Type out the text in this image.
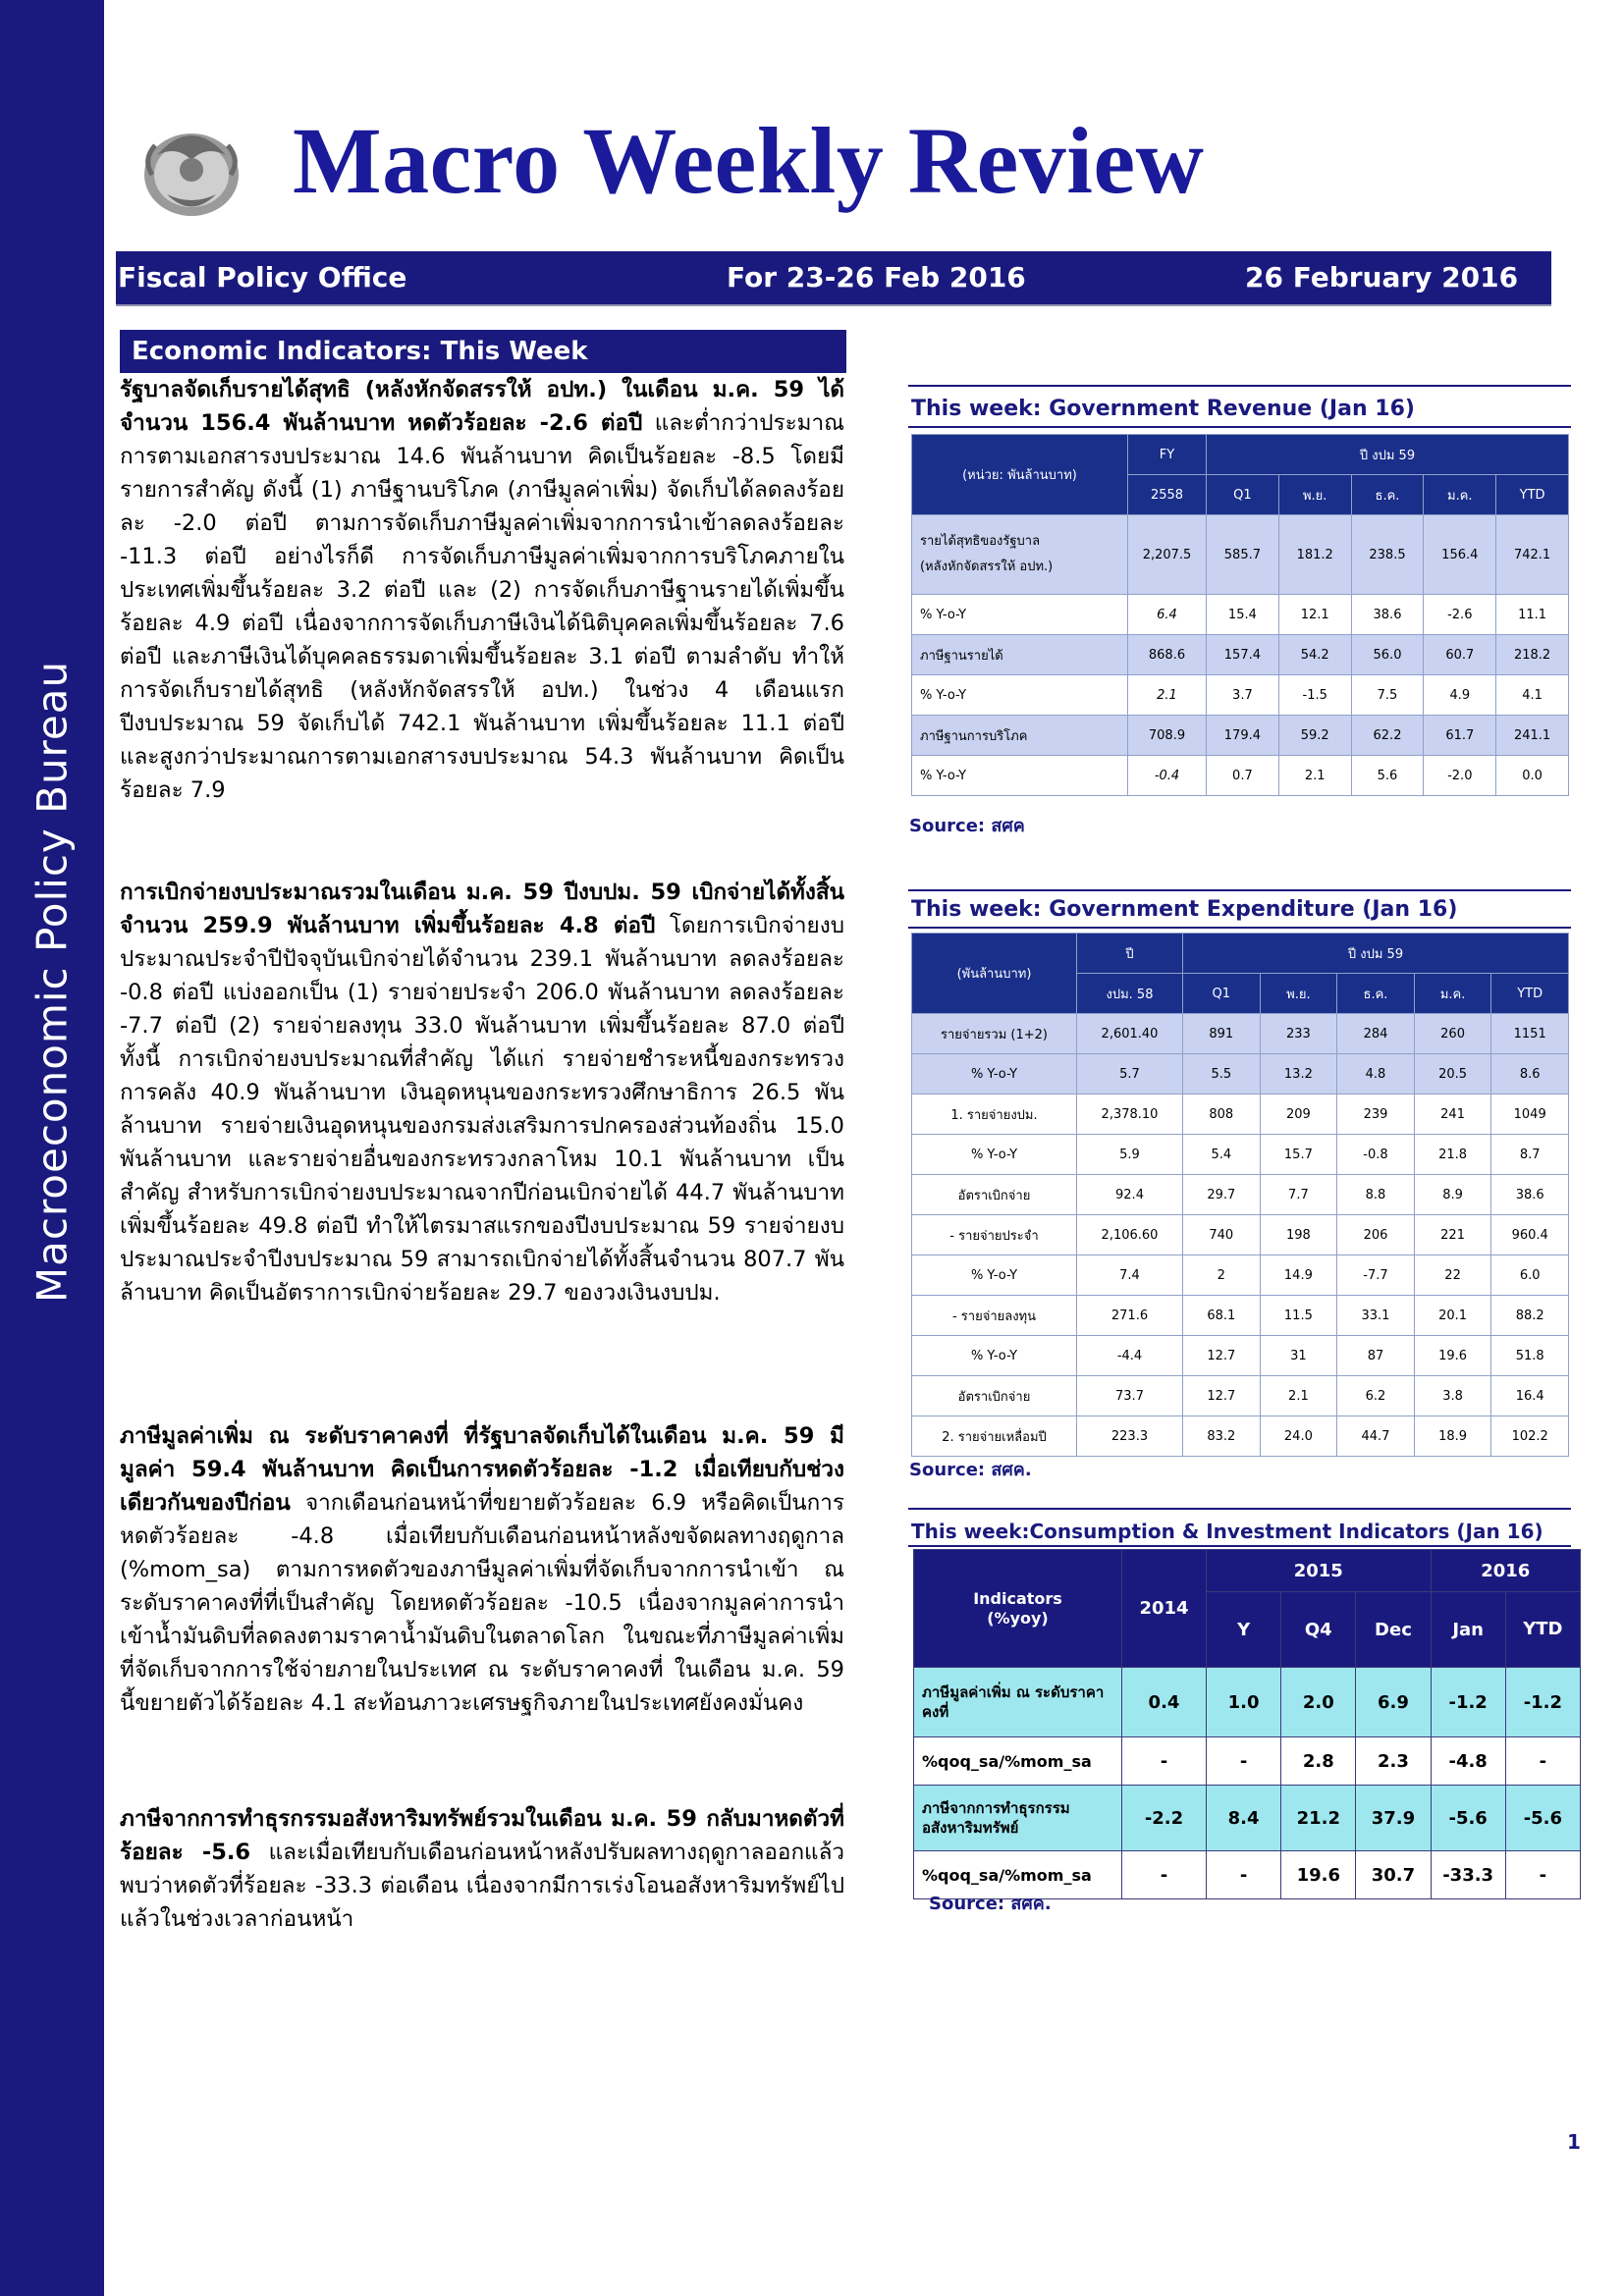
Macroeconomic Policy Bureau
Macro Weekly Review
Fiscal Policy Office	For 23-26 Feb 2016	26 February 2016
Economic Indicators: This Week

รัฐบาลจัดเก็บรายได้สุทธิ (หลังหักจัดสรรให้ อปท.) ในเดือน ม.ค. 59 ได้จำนวน 156.4 พันล้านบาท หดตัวร้อยละ -2.6 ต่อปี และต่ำกว่าประมาณการตามเอกสารงบประมาณ 14.6 พันล้านบาท คิดเป็นร้อยละ -8.5 โดยมีรายการสำคัญ ดังนี้ (1) ภาษีฐานบริโภค (ภาษีมูลค่าเพิ่ม) จัดเก็บได้ลดลงร้อยละ -2.0 ต่อปี ตามการจัดเก็บภาษีมูลค่าเพิ่มจากการนำเข้าลดลงร้อยละ -11.3 ต่อปี อย่างไรก็ดี การจัดเก็บภาษีมูลค่าเพิ่มจากการบริโภคภายในประเทศเพิ่มขึ้นร้อยละ 3.2 ต่อปี และ (2) การจัดเก็บภาษีฐานรายได้เพิ่มขึ้นร้อยละ 4.9 ต่อปี เนื่องจากการจัดเก็บภาษีเงินได้นิติบุคคลเพิ่มขึ้นร้อยละ 7.6 ต่อปี และภาษีเงินได้บุคคลธรรมดาเพิ่มขึ้นร้อยละ 3.1 ต่อปี ตามลำดับ ทำให้การจัดเก็บรายได้สุทธิ (หลังหักจัดสรรให้ อปท.) ในช่วง 4 เดือนแรกปีงบประมาณ 59 จัดเก็บได้ 742.1 พันล้านบาท เพิ่มขึ้นร้อยละ 11.1 ต่อปี และสูงกว่าประมาณการตามเอกสารงบประมาณ 54.3 พันล้านบาท คิดเป็นร้อยละ 7.9

การเบิกจ่ายงบประมาณรวมในเดือน ม.ค. 59 ปีงบปม. 59 เบิกจ่ายได้ทั้งสิ้นจำนวน 259.9 พันล้านบาท เพิ่มขึ้นร้อยละ 4.8 ต่อปี โดยการเบิกจ่ายงบประมาณประจำปีปัจจุบันเบิกจ่ายได้จำนวน 239.1 พันล้านบาท ลดลงร้อยละ -0.8 ต่อปี แบ่งออกเป็น (1) รายจ่ายประจำ 206.0 พันล้านบาท ลดลงร้อยละ -7.7 ต่อปี (2) รายจ่ายลงทุน 33.0 พันล้านบาท เพิ่มขึ้นร้อยละ 87.0 ต่อปี ทั้งนี้ การเบิกจ่ายงบประมาณที่สำคัญ ได้แก่ รายจ่ายชำระหนี้ของกระทรวงการคลัง 40.9 พันล้านบาท เงินอุดหนุนของกระทรวงศึกษาธิการ 26.5 พันล้านบาท รายจ่ายเงินอุดหนุนของกรมส่งเสริมการปกครองส่วนท้องถิ่น 15.0 พันล้านบาท และรายจ่ายอื่นของกระทรวงกลาโหม 10.1 พันล้านบาท เป็นสำคัญ สำหรับการเบิกจ่ายงบประมาณจากปีก่อนเบิกจ่ายได้ 44.7 พันล้านบาท เพิ่มขึ้นร้อยละ 49.8 ต่อปี ทำให้ไตรมาสแรกของปีงบประมาณ 59 รายจ่ายงบประมาณประจำปีงบประมาณ 59 สามารถเบิกจ่ายได้ทั้งสิ้นจำนวน 807.7 พันล้านบาท คิดเป็นอัตราการเบิกจ่ายร้อยละ 29.7 ของวงเงินงบปม.

ภาษีมูลค่าเพิ่ม ณ ระดับราคาคงที่ ที่รัฐบาลจัดเก็บได้ในเดือน ม.ค. 59 มีมูลค่า 59.4 พันล้านบาท คิดเป็นการหดตัวร้อยละ -1.2 เมื่อเทียบกับช่วงเดียวกันของปีก่อน จากเดือนก่อนหน้าที่ขยายตัวร้อยละ 6.9 หรือคิดเป็นการหดตัวร้อยละ -4.8 เมื่อเทียบกับเดือนก่อนหน้าหลังขจัดผลทางฤดูกาล (%mom_sa) ตามการหดตัวของภาษีมูลค่าเพิ่มที่จัดเก็บจากการนำเข้า ณ ระดับราคาคงที่ที่เป็นสำคัญ โดยหดตัวร้อยละ -10.5 เนื่องจากมูลค่าการนำเข้าน้ำมันดิบที่ลดลงตามราคาน้ำมันดิบในตลาดโลก ในขณะที่ภาษีมูลค่าเพิ่มที่จัดเก็บจากการใช้จ่ายภายในประเทศ ณ ระดับราคาคงที่ ในเดือน ม.ค. 59 นี้ขยายตัวได้ร้อยละ 4.1 สะท้อนภาวะเศรษฐกิจภายในประเทศยังคงมั่นคง

ภาษีจากการทำธุรกรรมอสังหาริมทรัพย์รวมในเดือน ม.ค. 59 กลับมาหดตัวที่ร้อยละ -5.6 และเมื่อเทียบกับเดือนก่อนหน้าหลังปรับผลทางฤดูกาลออกแล้ว พบว่าหดตัวที่ร้อยละ -33.3 ต่อเดือน เนื่องจากมีการเร่งโอนอสังหาริมทรัพย์ไปแล้วในช่วงเวลาก่อนหน้า

This week: Government Revenue (Jan 16)
(หน่วย: พันล้านบาท)	FY	ปี งปม 59				
	2558	Q1	พ.ย.	ธ.ค.	ม.ค.	YTD
รายได้สุทธิของรัฐบาล
(หลังหักจัดสรรให้ อปท.)	2,207.5	585.7	181.2	238.5	156.4	742.1
% Y-o-Y	6.4	15.4	12.1	38.6	-2.6	11.1
ภาษีฐานรายได้	868.6	157.4	54.2	56.0	60.7	218.2
% Y-o-Y	2.1	3.7	-1.5	7.5	4.9	4.1
ภาษีฐานการบริโภค	708.9	179.4	59.2	62.2	61.7	241.1
% Y-o-Y	-0.4	0.7	2.1	5.6	-2.0	0.0
Source: สศค
This week: Government Expenditure (Jan 16)
(พันล้านบาท)	ปี	ปี งปม 59				
	งปม. 58	Q1	พ.ย.	ธ.ค.	ม.ค.	YTD
รายจ่ายรวม (1+2)	2,601.40	891	233	284	260	1151
% Y-o-Y	5.7	5.5	13.2	4.8	20.5	8.6
1. รายจ่ายงปม.	2,378.10	808	209	239	241	1049
% Y-o-Y	5.9	5.4	15.7	-0.8	21.8	8.7
อัตราเบิกจ่าย	92.4	29.7	7.7	8.8	8.9	38.6
- รายจ่ายประจำ	2,106.60	740	198	206	221	960.4
% Y-o-Y	7.4	2	14.9	-7.7	22	6.0
- รายจ่ายลงทุน	271.6	68.1	11.5	33.1	20.1	88.2
% Y-o-Y	-4.4	12.7	31	87	19.6	51.8
อัตราเบิกจ่าย	73.7	12.7	2.1	6.2	3.8	16.4
2. รายจ่ายเหลื่อมปี	223.3	83.2	24.0	44.7	18.9	102.2
Source: สศค.
This week:Consumption & Investment Indicators (Jan 16)
Indicators
(%yoy)	2014	2015			2016	
		Y	Q4	Dec	Jan	YTD
ภาษีมูลค่าเพิ่ม ณ ระดับราคาคงที่	0.4	1.0	2.0	6.9	-1.2	-1.2
%qoq_sa/%mom_sa	-	-	2.8	2.3	-4.8	-
ภาษีจากการทำธุรกรรมอสังหาริมทรัพย์	-2.2	8.4	21.2	37.9	-5.6	-5.6
%qoq_sa/%mom_sa	-	-	19.6	30.7	-33.3	-
Source: สศค.
1
